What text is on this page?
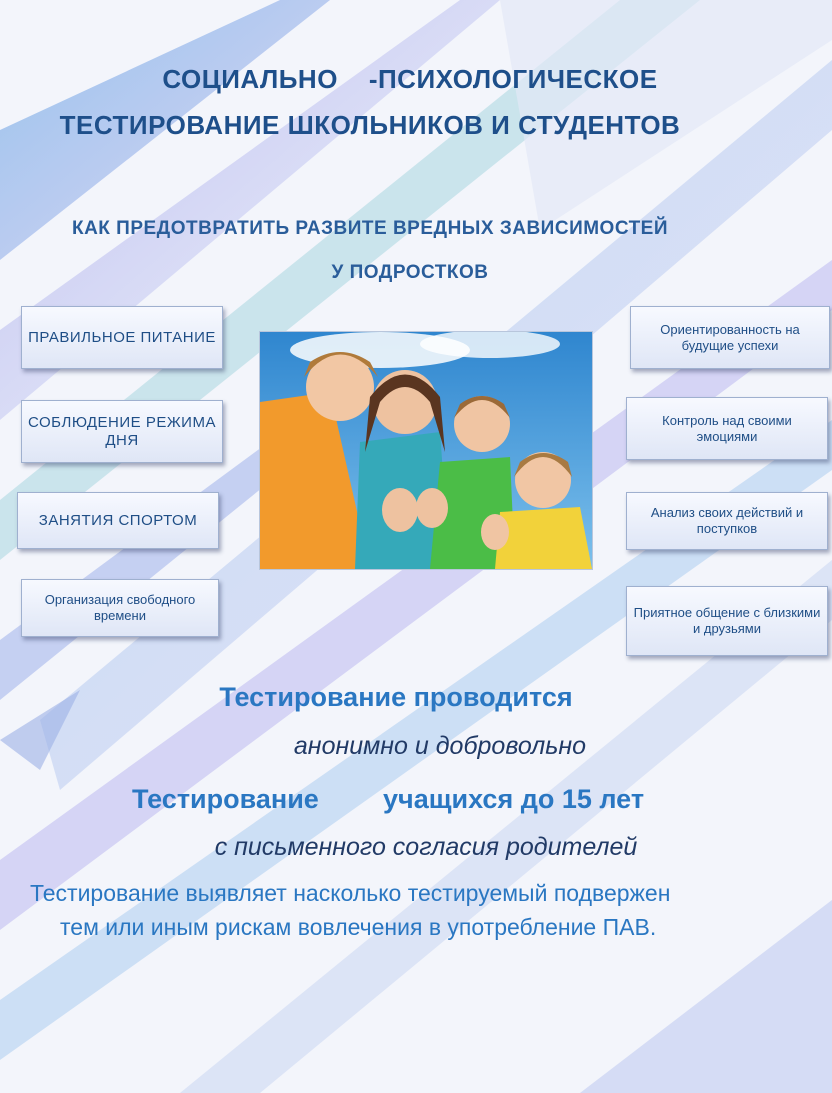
СОЦИАЛЬНО    -ПСИХОЛОГИЧЕСКОЕ
ТЕСТИРОВАНИЕ ШКОЛЬНИКОВ И СТУДЕНТОВ
КАК ПРЕДОТВРАТИТЬ РАЗВИТЕ ВРЕДНЫХ ЗАВИСИМОСТЕЙ
У ПОДРОСТКОВ
ПРАВИЛЬНОЕ ПИТАНИЕ
СОБЛЮДЕНИЕ РЕЖИМА ДНЯ
ЗАНЯТИЯ СПОРТОМ
Организация свободного времени
Ориентированность на будущие успехи
Контроль над своими эмоциями
Анализ своих действий и поступков
Приятное общение с близкими и друзьями
Тестирование проводится
анонимно и добровольно
Тестирование учащихся до 15 лет
с письменного согласия родителей
Тестирование выявляет насколько тестируемый подвержен
тем или иным рискам вовлечения в употребление ПАВ.
